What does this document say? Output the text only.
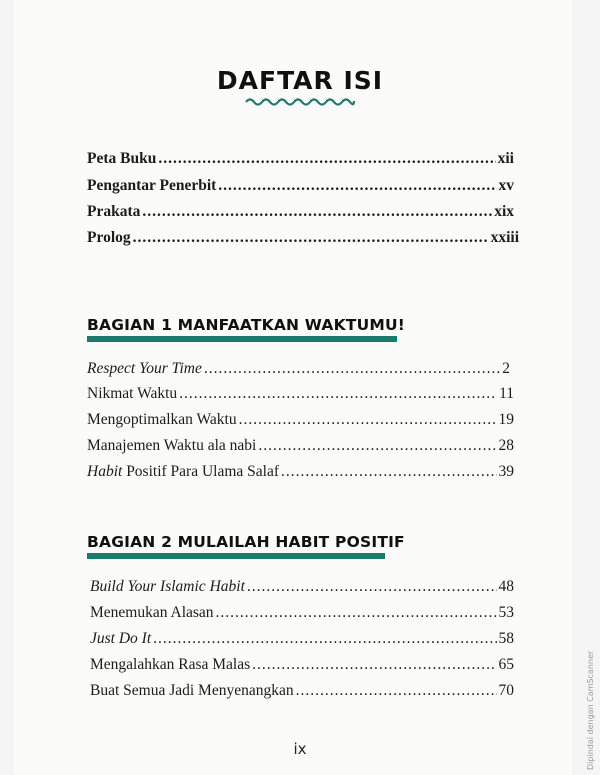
DAFTAR ISI
Peta Buku .....	xii
Pengantar Penerbit .....	xv
Prakata .....	xix
Prolog .....	xxiii
BAGIAN 1 MANFAATKAN WAKTUMU!
Respect Your Time .....	2
Nikmat Waktu .....	11
Mengoptimalkan Waktu .....	19
Manajemen Waktu ala nabi .....	28
Habit Positif Para Ulama Salaf .....	39
BAGIAN 2 MULAILAH HABIT POSITIF
Build Your Islamic Habit .....	48
Menemukan Alasan .....	53
Just Do It .....	58
Mengalahkan Rasa Malas .....	65
Buat Semua Jadi Menyenangkan .....	70
ix	Dipindai dengan CamScanner
